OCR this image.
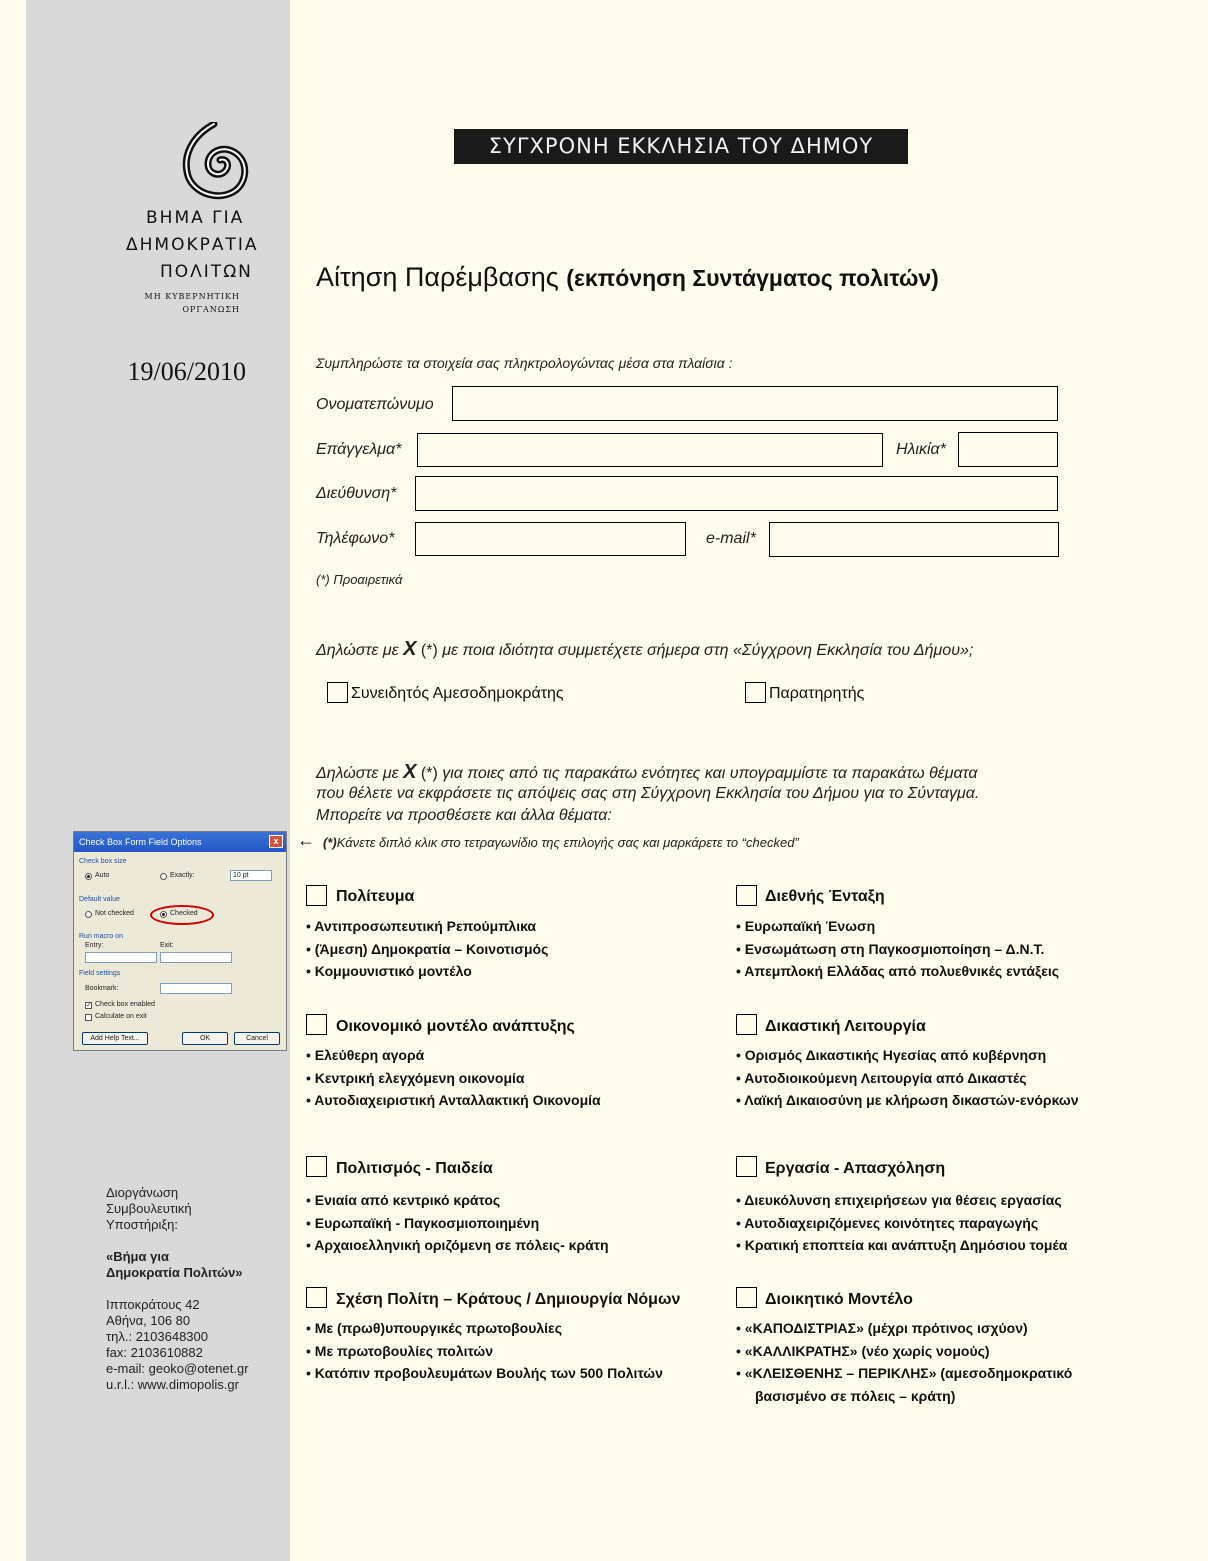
ΒΗΜΑ ΓΙΑ
ΔΗΜΟΚΡΑΤΙΑ
ΠΟΛΙΤΩΝ
ΜΗ ΚΥΒΕΡΝΗΤΙΚΗ
ΟΡΓΑΝΩΣΗ
19/06/2010
ΣΥΓΧΡΟΝΗ ΕΚΚΛΗΣΙΑ ΤΟΥ ΔΗΜΟΥ
Αίτηση Παρέμβασης (εκπόνηση Συντάγματος πολιτών)
Συμπληρώστε τα στοιχεία σας πληκτρολογώντας μέσα στα πλαίσια :
Ονοματεπώνυμο
Επάγγελμα*	Ηλικία*
Διεύθυνση*
Τηλέφωνο*	e-mail*
(*) Προαιρετικά
Δηλώστε με X (*) με ποια ιδιότητα συμμετέχετε σήμερα στη «Σύγχρονη Εκκλησία του Δήμου»;
Συνειδητός Αμεσοδημοκράτης	Παρατηρητής
Δηλώστε με X (*) για ποιες από τις παρακάτω ενότητες και υπογραμμίστε τα παρακάτω θέματα
που θέλετε να εκφράσετε τις απόψεις σας στη Σύγχρονη Εκκλησία του Δήμου για το Σύνταγμα.
Μπορείτε να προσθέσετε και άλλα θέματα:
← (*)Κάνετε διπλό κλικ στο τετραγωνίδιο της επιλογής σας και μαρκάρετε το “checked”
Check Box Form Field Options	x
Check box size
Auto	Exactly:	10 pt
Default value
Not checked	Checked
Run macro on
Entry:	Exit:
Field settings
Bookmark:
✓ Check box enabled
Calculate on exit
Add Help Text...	OK	Cancel
Πολίτευμα
• Αντιπροσωπευτική Ρεπούμπλικα
• (Άμεση) Δημοκρατία – Κοινοτισμός
• Κομμουνιστικό μοντέλο
Διεθνής Ένταξη
• Ευρωπαϊκή Ένωση
• Ενσωμάτωση στη Παγκοσμιοποίηση – Δ.Ν.Τ.
• Απεμπλοκή Ελλάδας από πολυεθνικές εντάξεις
Οικονομικό μοντέλο ανάπτυξης
• Ελεύθερη αγορά
• Κεντρική ελεγχόμενη οικονομία
• Αυτοδιαχειριστική Ανταλλακτική Οικονομία
Δικαστική Λειτουργία
• Ορισμός Δικαστικής Ηγεσίας από κυβέρνηση
• Αυτοδιοικούμενη Λειτουργία από Δικαστές
• Λαϊκή Δικαιοσύνη με κλήρωση δικαστών-ενόρκων
Πολιτισμός - Παιδεία
• Ενιαία από κεντρικό κράτος
• Ευρωπαϊκή - Παγκοσμιοποιημένη
• Αρχαιοελληνική οριζόμενη σε πόλεις- κράτη
Εργασία - Απασχόληση
• Διευκόλυνση επιχειρήσεων για θέσεις εργασίας
• Αυτοδιαχειριζόμενες κοινότητες παραγωγής
• Κρατική εποπτεία και ανάπτυξη Δημόσιου τομέα
Σχέση Πολίτη – Κράτους / Δημιουργία Νόμων
• Με (πρωθ)υπουργικές πρωτοβουλίες
• Με πρωτοβουλίες πολιτών
• Κατόπιν προβουλευμάτων Βουλής των 500 Πολιτών
Διοικητικό Μοντέλο
• «ΚΑΠΟΔΙΣΤΡΙΑΣ» (μέχρι πρότινος ισχύον)
• «ΚΑΛΛΙΚΡΑΤΗΣ» (νέο χωρίς νομούς)
• «ΚΛΕΙΣΘΕΝΗΣ – ΠΕΡΙΚΛΗΣ» (αμεσοδημοκρατικό
βασισμένο σε πόλεις – κράτη)
Διοργάνωση
Συμβουλευτική
Υποστήριξη:
«Βήμα για
Δημοκρατία Πολιτών»
Ιπποκράτους 42
Αθήνα, 106 80
τηλ.: 2103648300
fax: 2103610882
e-mail: geoko@otenet.gr
u.r.l.: www.dimopolis.gr
